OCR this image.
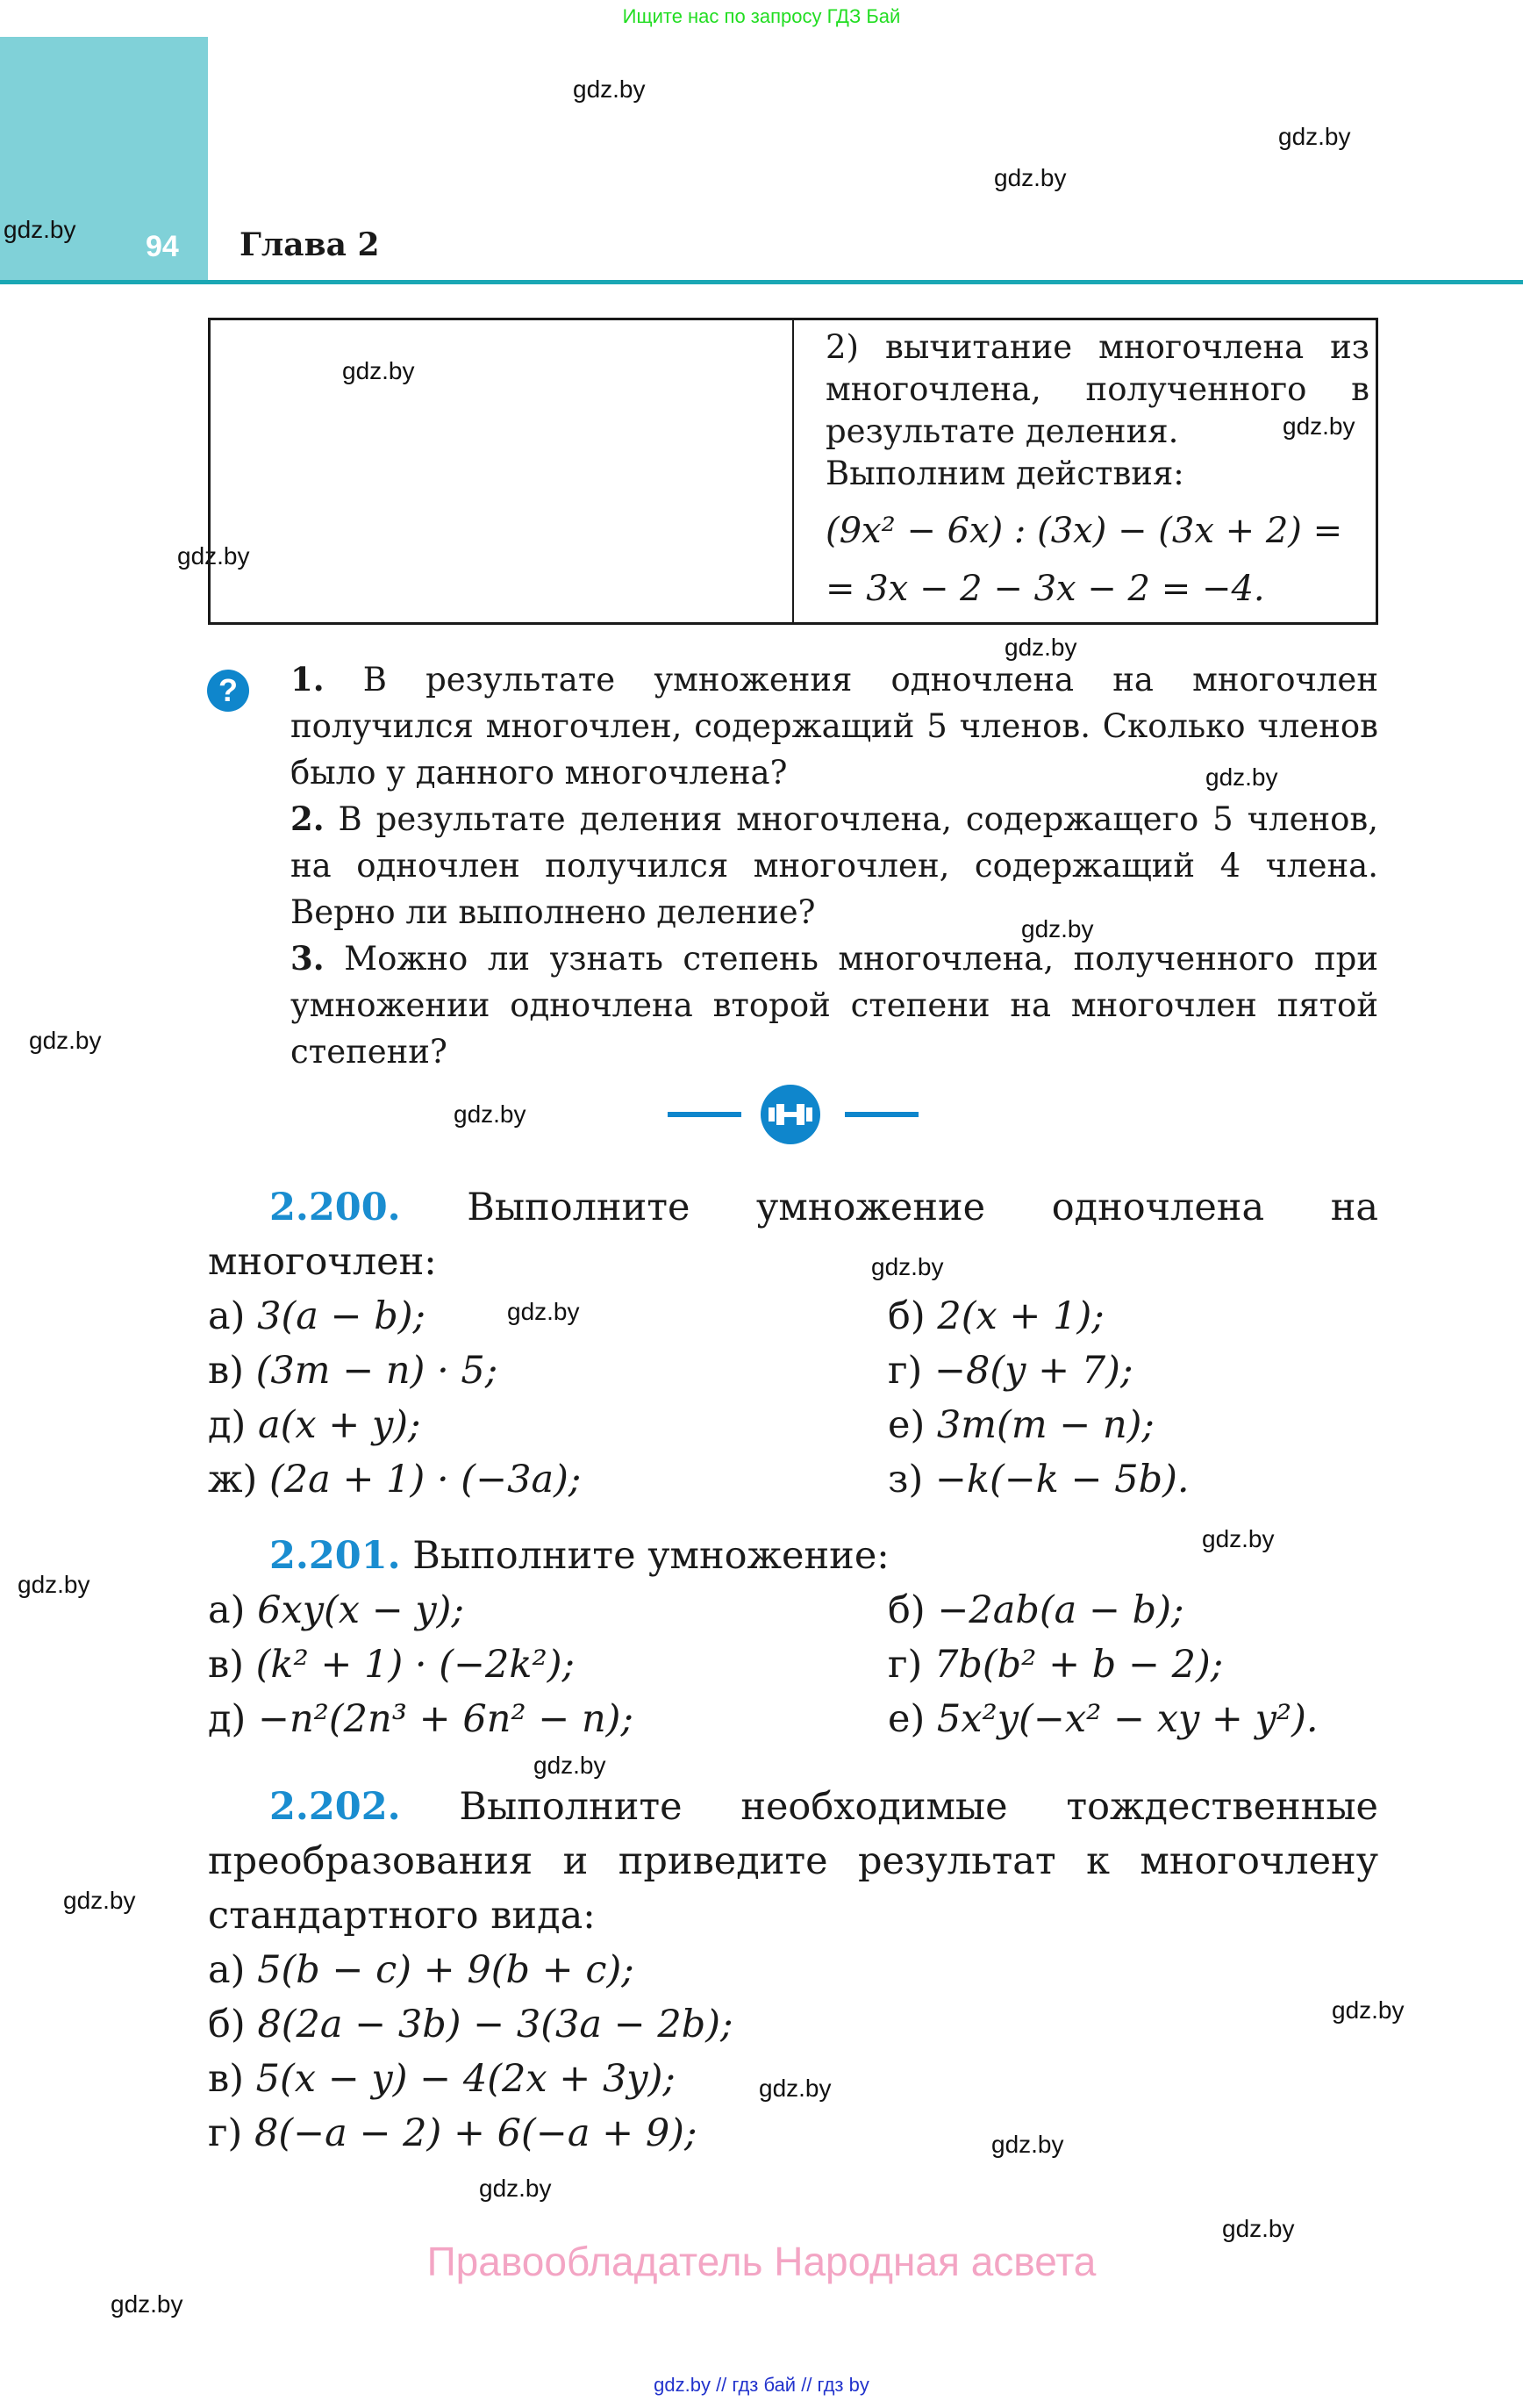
Ищите нас по запросу ГДЗ Бай
94 Глава 2
gdz.by
gdz.by
gdz.by
gdz.by
gdz.by
gdz.by
gdz.by
gdz.by
gdz.by
gdz.by
gdz.by
gdz.by
gdz.by
gdz.by
gdz.by
gdz.by
gdz.by
gdz.by
gdz.by
gdz.by
gdz.by
gdz.by
gdz.by
gdz.by
2) вычитание многочлена из
многочлена, полученного в
результате деления.
Выполним действия:
(9x² − 6x) : (3x) − (3x + 2) =
= 3x − 2 − 3x − 2 = −4.
?	1. В результате умножения одночлена на многочлен получился многочлен, содержащий 5 членов. Сколько членов было у данного многочлена?
2. В результате деления многочлена, содержащего 5 членов, на одночлен получился многочлен, содержащий 4 члена. Верно ли выполнено деление?
3. Можно ли узнать степень многочлена, полученного при умножении одночлена второй степени на многочлен пятой степени?
2.200. Выполните умножение одночлена на многочлен:
а) 3(a − b);	б) 2(x + 1);
в) (3m − n) · 5;	г) −8(y + 7);
д) a(x + y);	е) 3m(m − n);
ж) (2a + 1) · (−3a);	з) −k(−k − 5b).
2.201. Выполните умножение:
а) 6xy(x − y);	б) −2ab(a − b);
в) (k² + 1) · (−2k²);	г) 7b(b² + b − 2);
д) −n²(2n³ + 6n² − n);	е) 5x²y(−x² − xy + y²).
2.202. Выполните необходимые тождественные преобразования и приведите результат к многочлену стандартного вида:
а) 5(b − c) + 9(b + c);
б) 8(2a − 3b) − 3(3a − 2b);
в) 5(x − y) − 4(2x + 3y);
г) 8(−a − 2) + 6(−a + 9);
Правообладатель Народная асвета
gdz.by // гдз бай // гдз by
